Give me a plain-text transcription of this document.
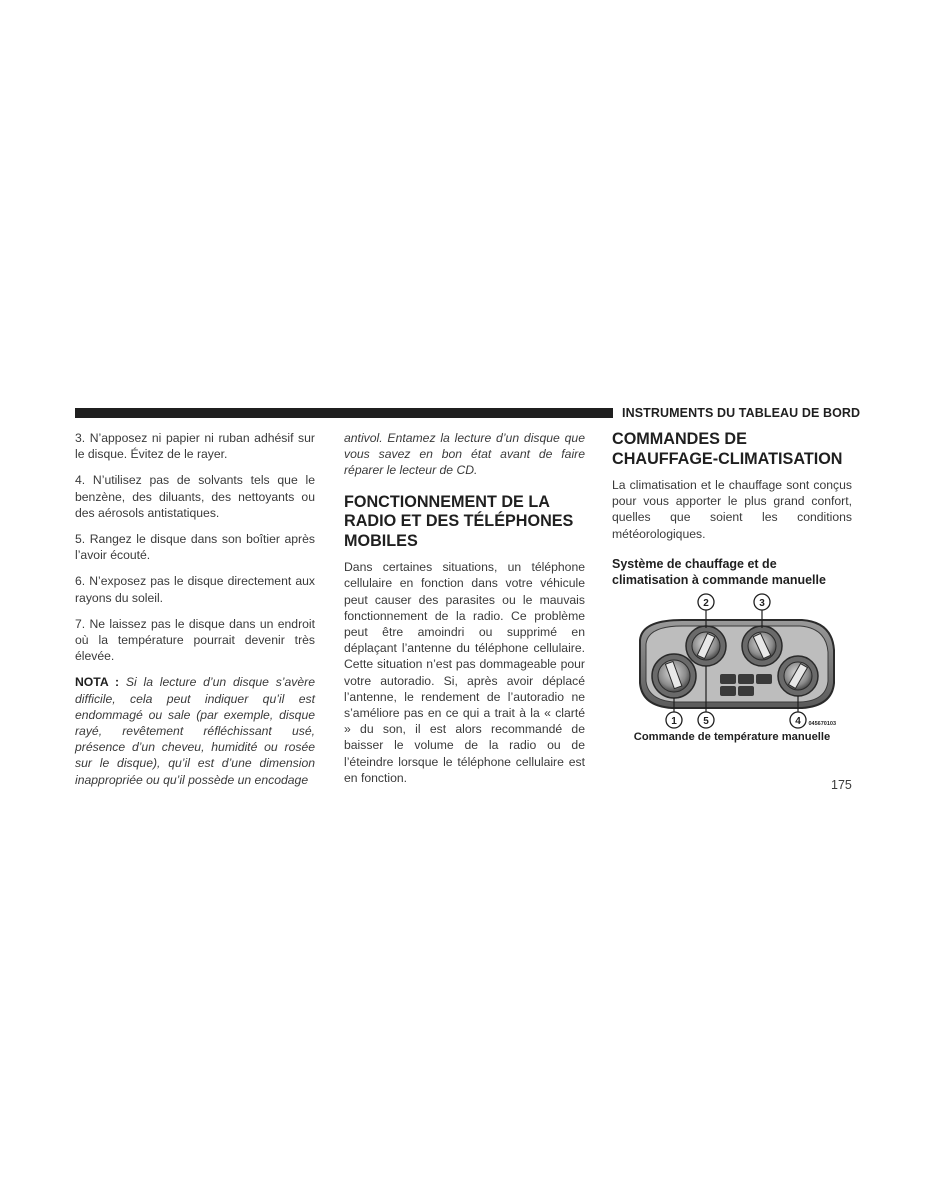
INSTRUMENTS DU TABLEAU DE BORD

3. N’apposez ni papier ni ruban adhésif sur le disque. Évitez de le rayer.

4. N’utilisez pas de solvants tels que le benzène, des diluants, des nettoyants ou des aérosols antistatiques.

5. Rangez le disque dans son boîtier après l’avoir écouté.

6. N’exposez pas le disque directement aux rayons du soleil.

7. Ne laissez pas le disque dans un endroit où la température pourrait devenir très élevée.

NOTA : Si la lecture d’un disque s’avère difficile, cela peut indiquer qu’il est endommagé ou sale (par exemple, disque rayé, revêtement réfléchissant usé, présence d’un cheveu, humidité ou rosée sur le disque), qu’il est d’une dimension inappropriée ou qu’il possède un encodage

antivol. Entamez la lecture d’un disque que vous savez en bon état avant de faire réparer le lecteur de CD.

FONCTIONNEMENT DE LA RADIO ET DES TÉLÉPHONES MOBILES

Dans certaines situations, un téléphone cellulaire en fonction dans votre véhicule peut causer des parasites ou le mauvais fonctionnement de la radio. Ce problème peut être amoindri ou supprimé en déplaçant l’antenne du téléphone cellulaire. Cette situation n’est pas dommageable pour votre autoradio. Si, après avoir déplacé l’antenne, le rendement de l’autoradio ne s’améliore pas en ce qui a trait à la « clarté » du son, il est alors recommandé de baisser le volume de la radio ou de l’éteindre lorsque le téléphone cellulaire est en fonction.

COMMANDES DE CHAUFFAGE-CLIMATISATION

La climatisation et le chauffage sont conçus pour vous apporter le plus grand confort, quelles que soient les conditions météorologiques.

Système de chauffage et de climatisation à commande manuelle
2	3
1	5	4 045670103
Commande de température manuelle
175
